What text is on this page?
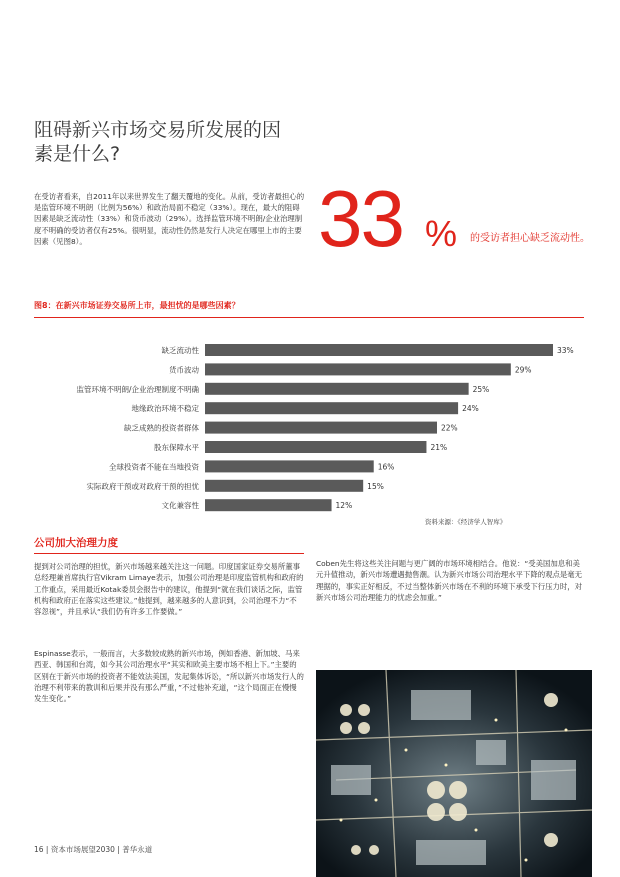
阻碍新兴市场交易所发展的因
素是什么?
在受访者看来，自2011年以来世界发生了翻天覆地的变化。从前，受访者最担心的是监管环境不明朗（比例为56%）和政治局面不稳定（33%）。现在，最大的阻碍因素是缺乏流动性（33%）和货币波动（29%）。选择监管环境不明朗/企业治理制度不明确的受访者仅有25%。很明显，流动性仍然是发行人决定在哪里上市的主要因素（见图8）。	33 % 的受访者担心缺乏流动性。
图8：在新兴市场证券交易所上市，最担忧的是哪些因素？
缺乏流动性	33%
货币波动	29%
监管环境不明朗/企业治理制度不明确	25%
地缘政治环境不稳定	24%
缺乏成熟的投资者群体	22%
股东保障水平	21%
全球投资者不能在当地投资	16%
实际政府干预或对政府干预的担忧	15%
文化兼容性	12%
资料来源：《经济学人智库》
公司加大治理力度

提到对公司治理的担忧，新兴市场越来越关注这一问题。印度国家证券交易所董事总经理兼首席执行官Vikram Limaye表示，加强公司治理是印度监管机构和政府的工作重点，采用最近Kotak委员会报告中的建议，他提到“就在我们谈话之际，监管机构和政府正在落实这些建议。”他提到，越来越多的人意识到，公司治理不力“不容忽视”，并且承认“我们仍有许多工作要做。”

Espinasse表示，一般而言，大多数较成熟的新兴市场，例如香港、新加坡、马来西亚、韩国和台湾，如今其公司治理水平“其实和欧美主要市场不相上下。”主要的区别在于新兴市场的投资者不能效法美国，发起集体诉讼，“所以新兴市场发行人的治理不利带来的教训和后果并没有那么严重，”不过他补充道，“这个局面正在慢慢发生变化。”

Coben先生将这些关注问题与更广阔的市场环境相结合。他说：“受美国加息和美元升值推动，新兴市场遭遇抛售潮。认为新兴市场公司治理水平下降的观点是毫无理据的，事实正好相反，不过当整体新兴市场在不利的环境下承受下行压力时，对新兴市场公司治理能力的忧虑会加重。”

16 | 资本市场展望2030 | 普华永道
